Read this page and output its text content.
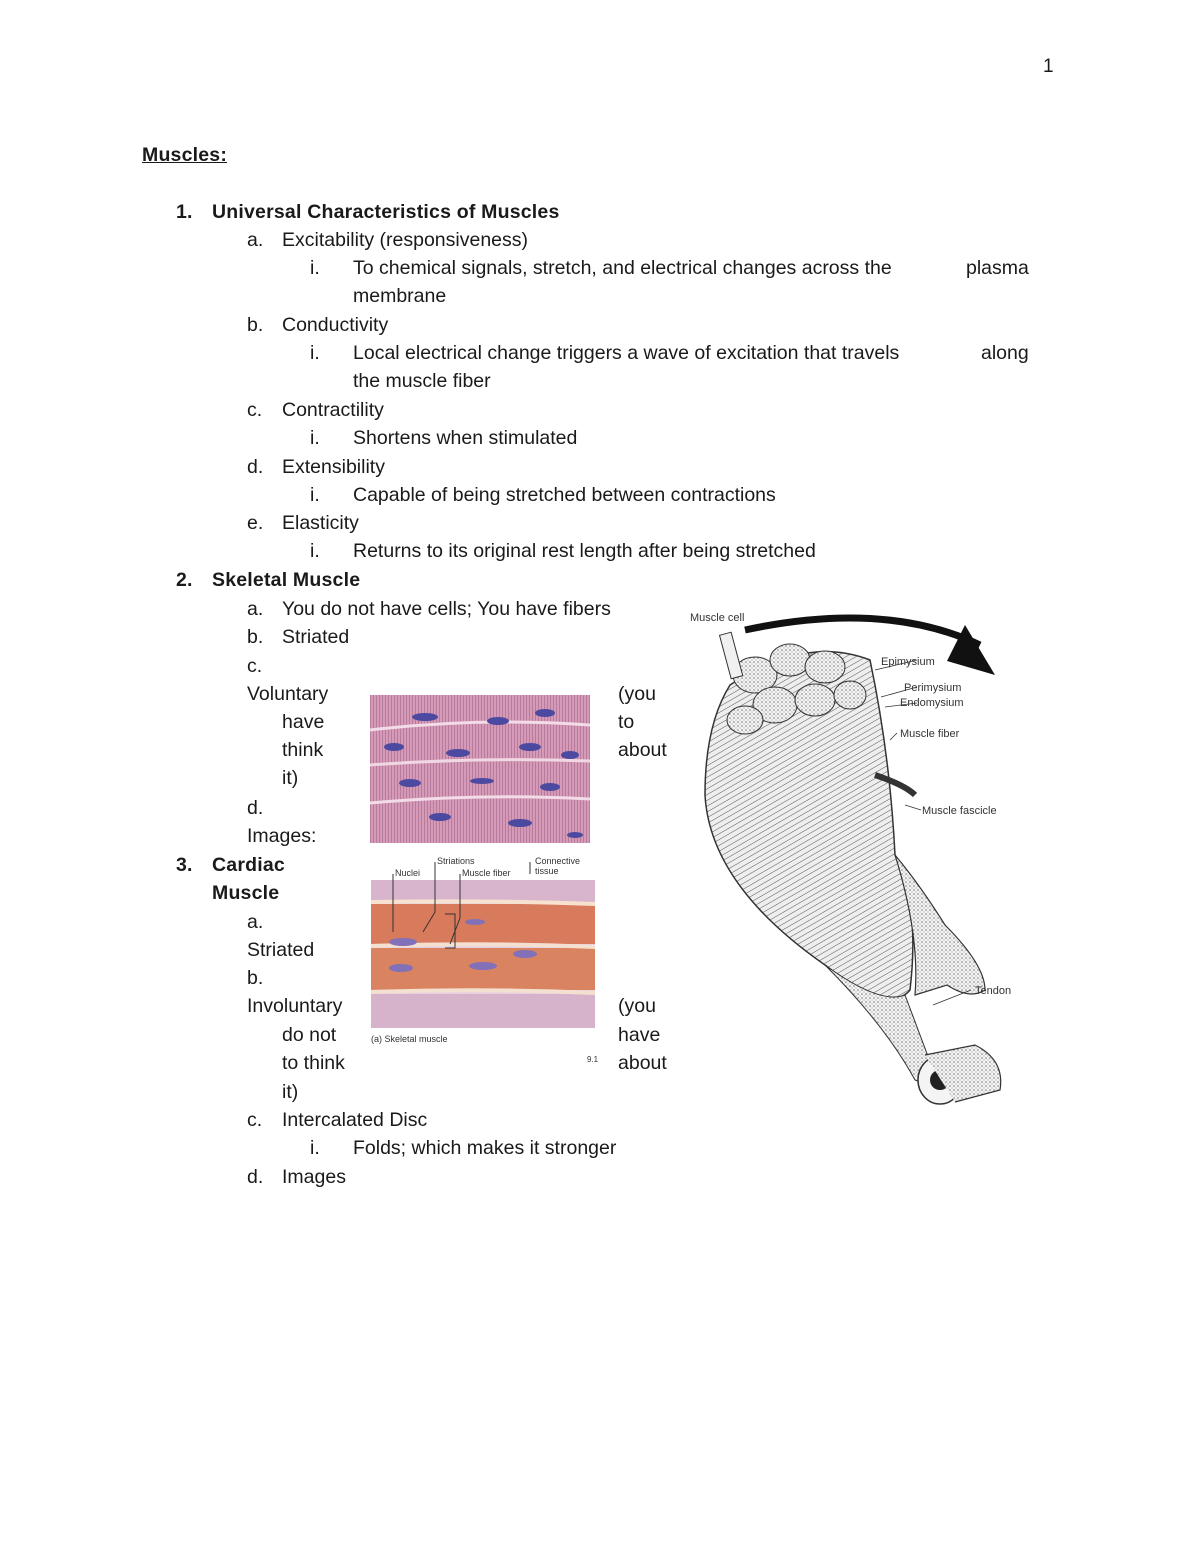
1
Muscles:
1. Universal Characteristics of Muscles
a. Excitability (responsiveness)
i. To chemical signals, stretch, and electrical changes across the	plasma
membrane
b. Conductivity
i. Local electrical change triggers a wave of excitation that travels	along
the muscle fiber
c. Contractility
i. Shortens when stimulated
d. Extensibility
i. Capable of being stretched between contractions
e. Elasticity
i. Returns to its original rest length after being stretched
2. Skeletal Muscle
a. You do not have cells; You have fibers
b. Striated
c.
Voluntary
have
think
it)
(you
to
about
d.
Images:
3. Cardiac
Muscle
a.
Striated
b.
Involuntary
do not
to think
it)
(you
have
about
c. Intercalated Disc
i. Folds; which makes it stronger
d. Images
Nuclei
Striations
Muscle fiber
Connective
tissue
(a) Skeletal muscle
9.1
Muscle cell
Epimysium
Perimysium
Endomysium
Muscle fiber
Muscle fascicle
Tendon
